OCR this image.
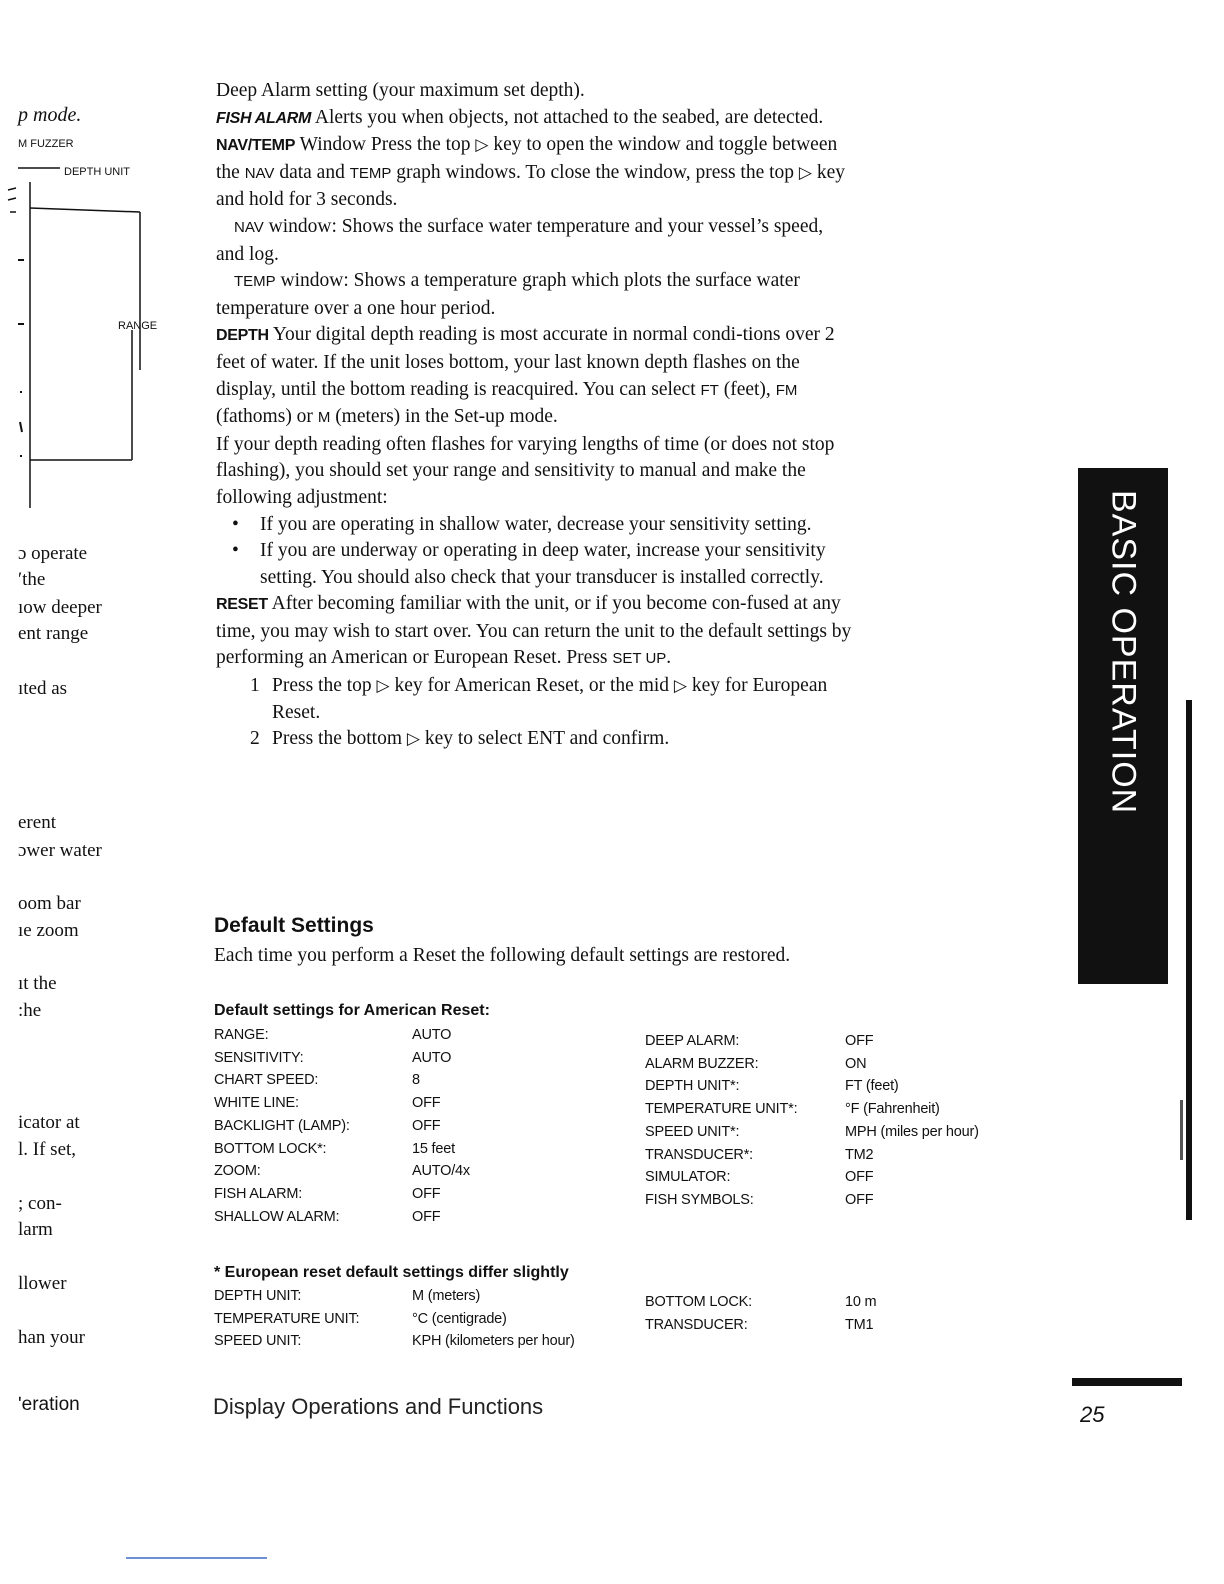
p mode.
M FUZZER
DEPTH UNIT
RANGE
ɔ operate
ʹthe
ıow deeper
ent range
ıted as
erent
ɔwer water
oom bar
ıe zoom
ıt the
:he
icator at
l. If set,
; con-
larm
llower
han your
ʹeration

Deep Alarm setting (your maximum set depth).

FISH ALARM Alerts you when objects, not attached to the seabed, are detected.

NAV/TEMP Window Press the top ▷ key to open the window and toggle between the NAV data and TEMP graph windows. To close the window, press the top ▷ key and hold for 3 seconds.

NAV window: Shows the surface water temperature and your vessel’s speed, and log.

TEMP window: Shows a temperature graph which plots the surface water temperature over a one hour period.

DEPTH Your digital depth reading is most accurate in normal condi-tions over 2 feet of water. If the unit loses bottom, your last known depth flashes on the display, until the bottom reading is reacquired. You can select FT (feet), FM (fathoms) or M (meters) in the Set-up mode.

If your depth reading often flashes for varying lengths of time (or does not stop flashing), you should set your range and sensitivity to manual and make the following adjustment:

• If you are operating in shallow water, decrease your sensitivity setting.

• If you are underway or operating in deep water, increase your sensitivity setting. You should also check that your transducer is installed correctly.

RESET After becoming familiar with the unit, or if you become con-fused at any time, you may wish to start over. You can return the unit to the default settings by performing an American or European Reset. Press SET UP.

1 Press the top ▷ key for American Reset, or the mid ▷ key for European Reset.

2 Press the bottom ▷ key to select ENT and confirm.

Default Settings
Each time you perform a Reset the following default settings are restored.
Default settings for American Reset:
RANGE:	AUTO
SENSITIVITY:	AUTO
CHART SPEED:	8
WHITE LINE:	OFF
BACKLIGHT (LAMP):	OFF
BOTTOM LOCK*:	15 feet
ZOOM:	AUTO/4x
FISH ALARM:	OFF
SHALLOW ALARM:	OFF
DEEP ALARM:	OFF
ALARM BUZZER:	ON
DEPTH UNIT*:	FT (feet)
TEMPERATURE UNIT*:	°F (Fahrenheit)
SPEED UNIT*:	MPH (miles per hour)
TRANSDUCER*:	TM2
SIMULATOR:	OFF
FISH SYMBOLS:	OFF
* European reset default settings differ slightly
DEPTH UNIT:	M (meters)
TEMPERATURE UNIT:	°C (centigrade)
SPEED UNIT:	KPH (kilometers per hour)
BOTTOM LOCK:	10 m
TRANSDUCER:	TM1
Display Operations and Functions	25
BASIC OPERATION
